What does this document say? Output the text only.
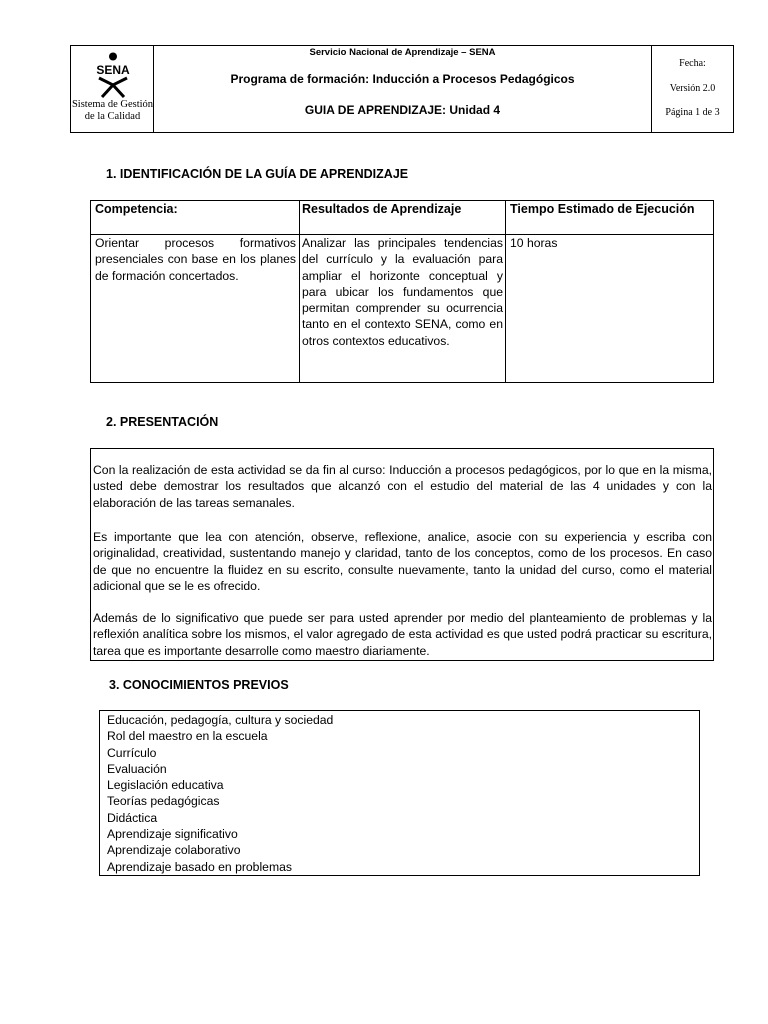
SENA
Sistema de Gestión
de la Calidad
Servicio Nacional de Aprendizaje – SENA
Programa de formación: Inducción a Procesos Pedagógicos
GUIA DE APRENDIZAJE: Unidad 4
Fecha:
Versión 2.0
Página 1 de 3
1. IDENTIFICACIÓN DE LA GUÍA DE APRENDIZAJE
Competencia:	Resultados de Aprendizaje	Tiempo Estimado de Ejecución
Orientar procesos formativos presenciales con base en los planes de formación concertados.
Analizar las principales tendencias del currículo y la evaluación para ampliar el horizonte conceptual y para ubicar los fundamentos que permitan comprender su ocurrencia tanto en el contexto SENA, como en otros contextos educativos.
10 horas
2. PRESENTACIÓN
Con la realización de esta actividad se da fin al curso: Inducción a procesos pedagógicos, por lo que en la misma, usted debe demostrar los resultados que alcanzó con el estudio del material de las 4 unidades y con la elaboración de las tareas semanales.
Es importante que lea con atención, observe, reflexione, analice, asocie con su experiencia y escriba con originalidad, creatividad, sustentando manejo y claridad, tanto de los conceptos, como de los procesos. En caso de que no encuentre la fluidez en su escrito, consulte nuevamente, tanto la unidad del curso, como el material adicional que se le es ofrecido.
Además de lo significativo que puede ser para usted aprender por medio del planteamiento de problemas y la reflexión analítica sobre los mismos, el valor agregado de esta actividad es que usted podrá practicar su escritura, tarea que es importante desarrolle como maestro diariamente.
3. CONOCIMIENTOS PREVIOS
Educación, pedagogía, cultura y sociedad
Rol del maestro en la escuela
Currículo
Evaluación
Legislación educativa
Teorías pedagógicas
Didáctica
Aprendizaje significativo
Aprendizaje colaborativo
Aprendizaje basado en problemas
